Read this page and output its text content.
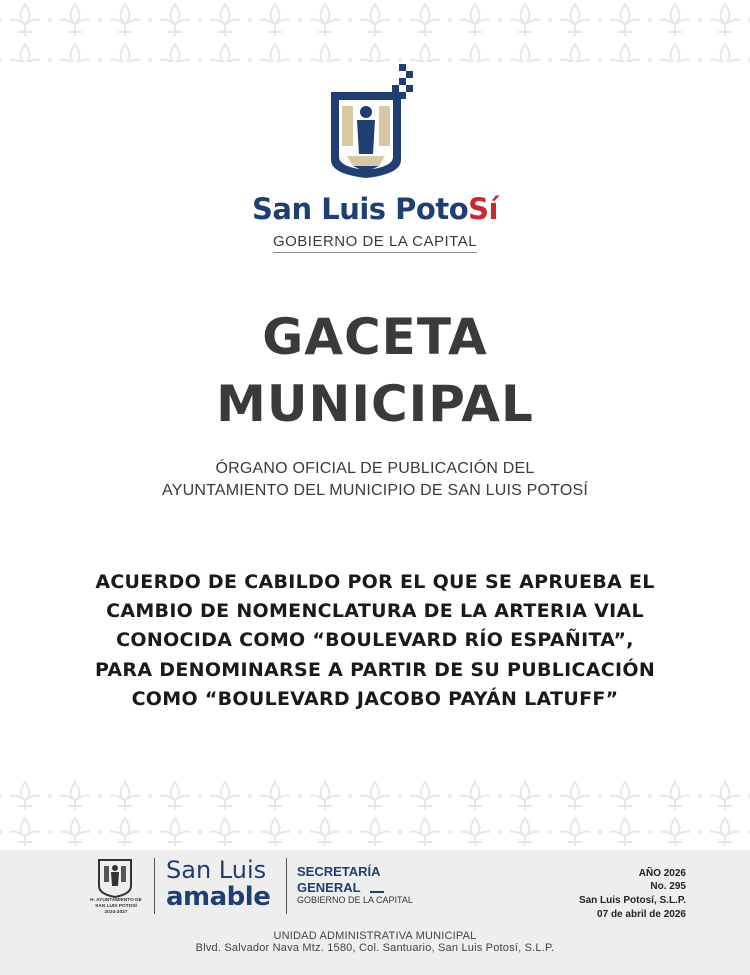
San Luis PotoSí
GOBIERNO DE LA CAPITAL
GACETA
MUNICIPAL
ÓRGANO OFICIAL DE PUBLICACIÓN DEL
AYUNTAMIENTO DEL MUNICIPIO DE SAN LUIS POTOSÍ
ACUERDO DE CABILDO POR EL QUE SE APRUEBA EL
CAMBIO DE NOMENCLATURA DE LA ARTERIA VIAL
CONOCIDA COMO “BOULEVARD RÍO ESPAÑITA”,
PARA DENOMINARSE A PARTIR DE SU PUBLICACIÓN
COMO “BOULEVARD JACOBO PAYÁN LATUFF”
H. AYUNTAMIENTO DE
SAN LUIS POTOSÍ
2024-2027
San Luis
amable
SECRETARÍA
GENERAL
GOBIERNO DE LA CAPITAL
AÑO 2026
No. 295
San Luis Potosí, S.L.P.
07 de abril de 2026
UNIDAD ADMINISTRATIVA MUNICIPAL
Blvd. Salvador Nava Mtz. 1580, Col. Santuario, San Luis Potosí, S.L.P.
